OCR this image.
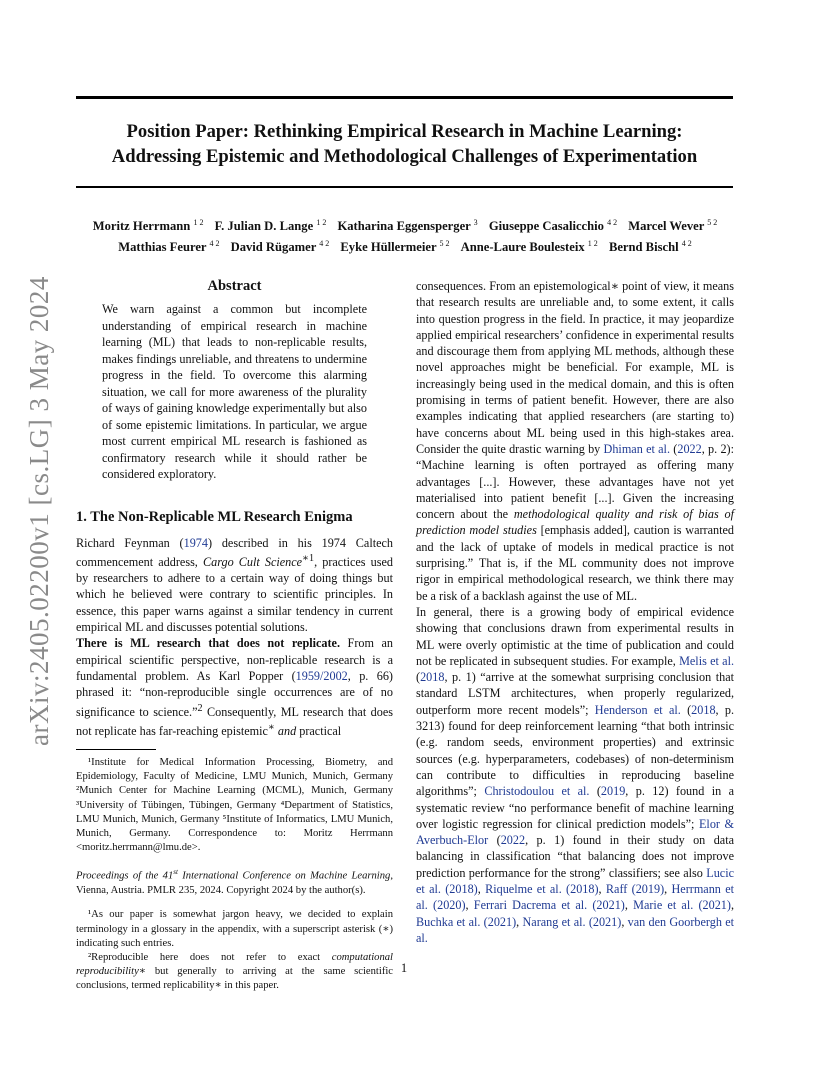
arXiv:2405.02200v1 [cs.LG] 3 May 2024
Position Paper: Rethinking Empirical Research in Machine Learning:
Addressing Epistemic and Methodological Challenges of Experimentation
Moritz Herrmann $^{1 2}$ F. Julian D. Lange $^{1 2}$ Katharina Eggensperger $^3$ Giuseppe Casalicchio $^{4 2}$ Marcel Wever $^{5 2}$
Matthias Feurer $^{4 2}$ David Rügamer $^{4 2}$ Eyke Hüllermeier $^{5 2}$ Anne-Laure Boulesteix $^{1 2}$ Bernd Bischl $^{4 2}$
Abstract

We warn against a common but incomplete understanding of empirical research in machine learning (ML) that leads to non-replicable results, makes findings unreliable, and threatens to undermine progress in the field. To overcome this alarming situation, we call for more awareness of the plurality of ways of gaining knowledge experimentally but also of some epistemic limitations. In particular, we argue most current empirical ML research is fashioned as confirmatory research while it should rather be considered exploratory.

1. The Non-Replicable ML Research Enigma

Richard Feynman (1974) described in his 1974 Caltech commencement address, Cargo Cult Science$^{∗1}$, practices used by researchers to adhere to a certain way of doing things but which he believed were contrary to scientific principles. In essence, this paper warns against a similar tendency in current empirical ML and discusses potential solutions.

There is ML research that does not replicate. From an empirical scientific perspective, non-replicable research is a fundamental problem. As Karl Popper (1959/2002, p. 66) phrased it: “non-reproducible single occurrences are of no significance to science.”$^2$ Consequently, ML research that does not replicate has far-reaching epistemic∗ and practical

¹Institute for Medical Information Processing, Biometry, and Epidemiology, Faculty of Medicine, LMU Munich, Munich, Germany ²Munich Center for Machine Learning (MCML), Munich, Germany ³University of Tübingen, Tübingen, Germany ⁴Department of Statistics, LMU Munich, Munich, Germany ⁵Institute of Informatics, LMU Munich, Munich, Germany. Correspondence to: Moritz Herrmann <moritz.herrmann@lmu.de>.

Proceedings of the 41st International Conference on Machine Learning, Vienna, Austria. PMLR 235, 2024. Copyright 2024 by the author(s).

¹As our paper is somewhat jargon heavy, we decided to explain terminology in a glossary in the appendix, with a superscript asterisk (∗) indicating such entries.

²Reproducible here does not refer to exact computational reproducibility∗ but generally to arriving at the same scientific conclusions, termed replicability∗ in this paper.

consequences. From an epistemological∗ point of view, it means that research results are unreliable and, to some extent, it calls into question progress in the field. In practice, it may jeopardize applied empirical researchers’ confidence in experimental results and discourage them from applying ML methods, although these novel approaches might be beneficial. For example, ML is increasingly being used in the medical domain, and this is often promising in terms of patient benefit. However, there are also examples indicating that applied researchers (are starting to) have concerns about ML being used in this high-stakes area. Consider the quite drastic warning by Dhiman et al. (2022, p. 2): “Machine learning is often portrayed as offering many advantages [...]. However, these advantages have not yet materialised into patient benefit [...]. Given the increasing concern about the methodological quality and risk of bias of prediction model studies [emphasis added], caution is warranted and the lack of uptake of models in medical practice is not surprising.” That is, if the ML community does not improve rigor in empirical methodological research, we think there may be a risk of a backlash against the use of ML.

In general, there is a growing body of empirical evidence showing that conclusions drawn from experimental results in ML were overly optimistic at the time of publication and could not be replicated in subsequent studies. For example, Melis et al. (2018, p. 1) “arrive at the somewhat surprising conclusion that standard LSTM architectures, when properly regularized, outperform more recent models”; Henderson et al. (2018, p. 3213) found for deep reinforcement learning “that both intrinsic (e.g. random seeds, environment properties) and extrinsic sources (e.g. hyperparameters, codebases) of non-determinism can contribute to difficulties in reproducing baseline algorithms”; Christodoulou et al. (2019, p. 12) found in a systematic review “no performance benefit of machine learning over logistic regression for clinical prediction models”; Elor & Averbuch-Elor (2022, p. 1) found in their study on data balancing in classification “that balancing does not improve prediction performance for the strong” classifiers; see also Lucic et al. (2018), Riquelme et al. (2018), Raff (2019), Herrmann et al. (2020), Ferrari Dacrema et al. (2021), Marie et al. (2021), Buchka et al. (2021), Narang et al. (2021), van den Goorbergh et al.

1
